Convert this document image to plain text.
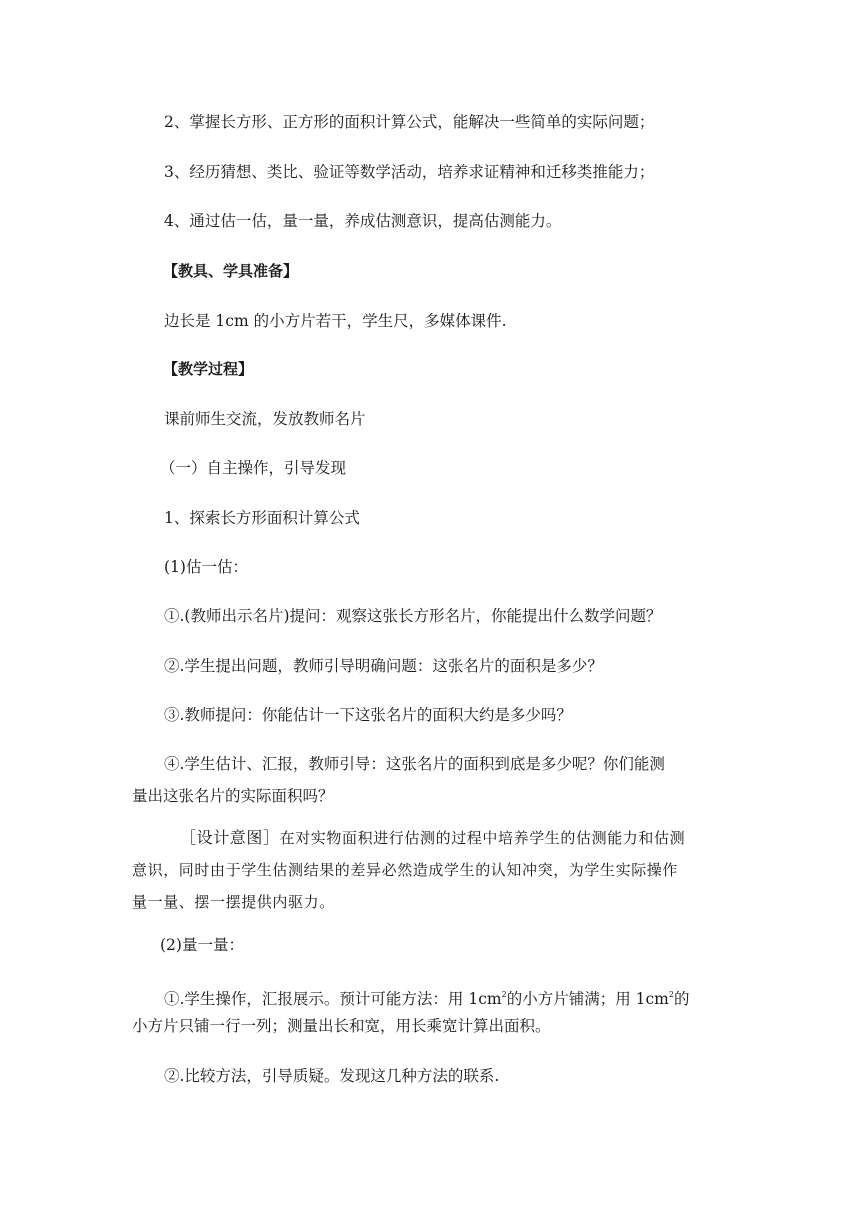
2、掌握长方形、正方形的面积计算公式，能解决一些简单的实际问题；

3、经历猜想、类比、验证等数学活动，培养求证精神和迁移类推能力；

4、通过估一估，量一量，养成估测意识，提高估测能力。

【教具、学具准备】

边长是 1cm 的小方片若干，学生尺，多媒体课件.

【教学过程】

课前师生交流，发放教师名片

（一）自主操作，引导发现

1、探索长方形面积计算公式

(1)估一估：

①.(教师出示名片)提问：观察这张长方形名片，你能提出什么数学问题？

②.学生提出问题，教师引导明确问题：这张名片的面积是多少？

③.教师提问：你能估计一下这张名片的面积大约是多少吗？

④.学生估计、汇报，教师引导：这张名片的面积到底是多少呢？你们能测

量出这张名片的实际面积吗？

［设计意图］在对实物面积进行估测的过程中培养学生的估测能力和估测
意识，同时由于学生估测结果的差异必然造成学生的认知冲突，为学生实际操作
量一量、摆一摆提供内驱力。

(2)量一量：

①.学生操作，汇报展示。预计可能方法：用 $1cm^2$的小方片铺满；用 $1cm^2$的

小方片只铺一行一列；测量出长和宽，用长乘宽计算出面积。

②.比较方法，引导质疑。发现这几种方法的联系.
